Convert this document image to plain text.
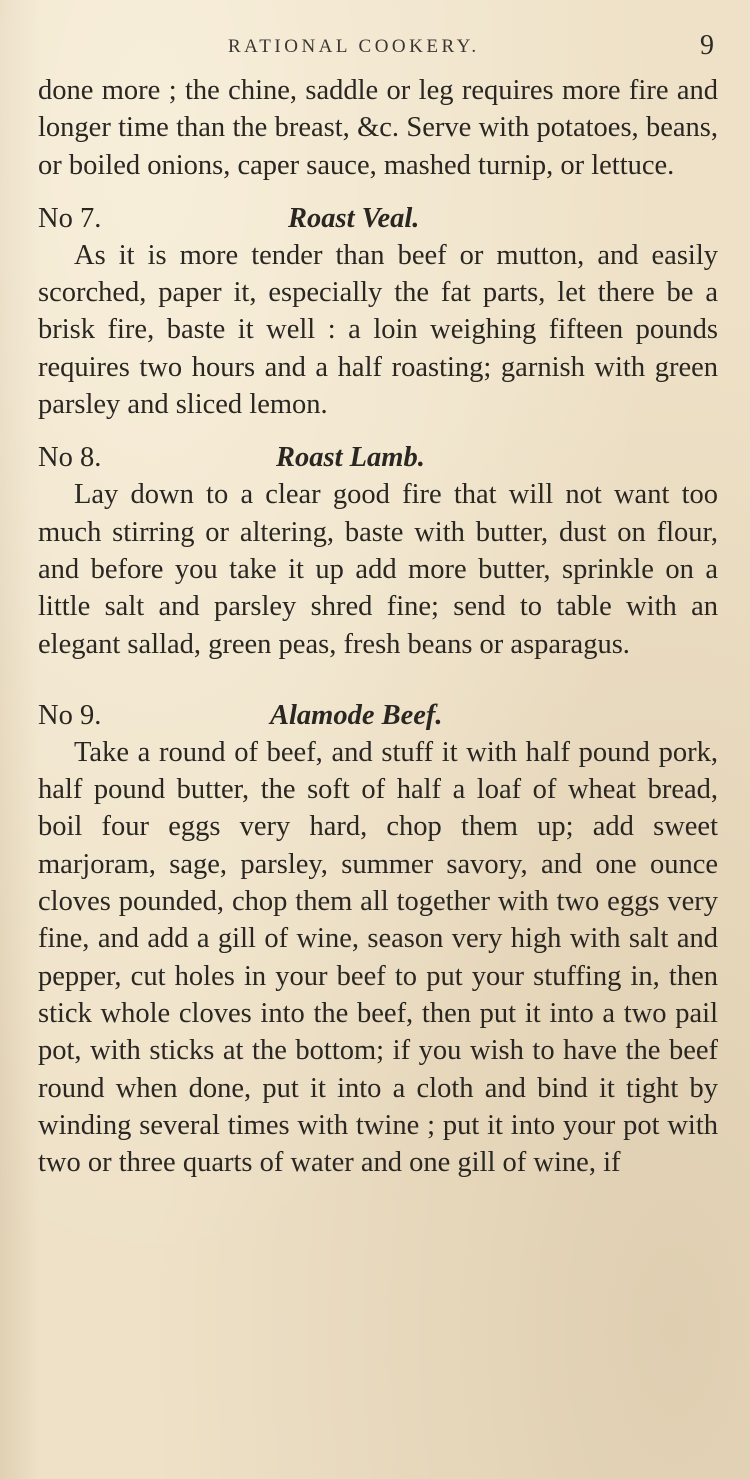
RATIONAL COOKERY.	9

done more ; the chine, saddle or leg requires more fire and longer time than the breast, &c. Serve with potatoes, beans, or boiled onions, caper sauce, mashed turnip, or lettuce.

No 7.	Roast Veal.

As it is more tender than beef or mutton, and easily scorched, paper it, especially the fat parts, let there be a brisk fire, baste it well : a loin weighing fifteen pounds requires two hours and a half roasting; garnish with green parsley and sliced lemon.

No 8.	Roast Lamb.

Lay down to a clear good fire that will not want too much stirring or altering, baste with butter, dust on flour, and before you take it up add more butter, sprinkle on a little salt and parsley shred fine; send to table with an elegant sallad, green peas, fresh beans or asparagus.

No 9.	Alamode Beef.

Take a round of beef, and stuff it with half pound pork, half pound butter, the soft of half a loaf of wheat bread, boil four eggs very hard, chop them up; add sweet marjoram, sage, parsley, summer savory, and one ounce cloves pounded, chop them all together with two eggs very fine, and add a gill of wine, season very high with salt and pepper, cut holes in your beef to put your stuffing in, then stick whole cloves into the beef, then put it into a two pail pot, with sticks at the bottom; if you wish to have the beef round when done, put it into a cloth and bind it tight by winding several times with twine ; put it into your pot with two or three quarts of water and one gill of wine, if
